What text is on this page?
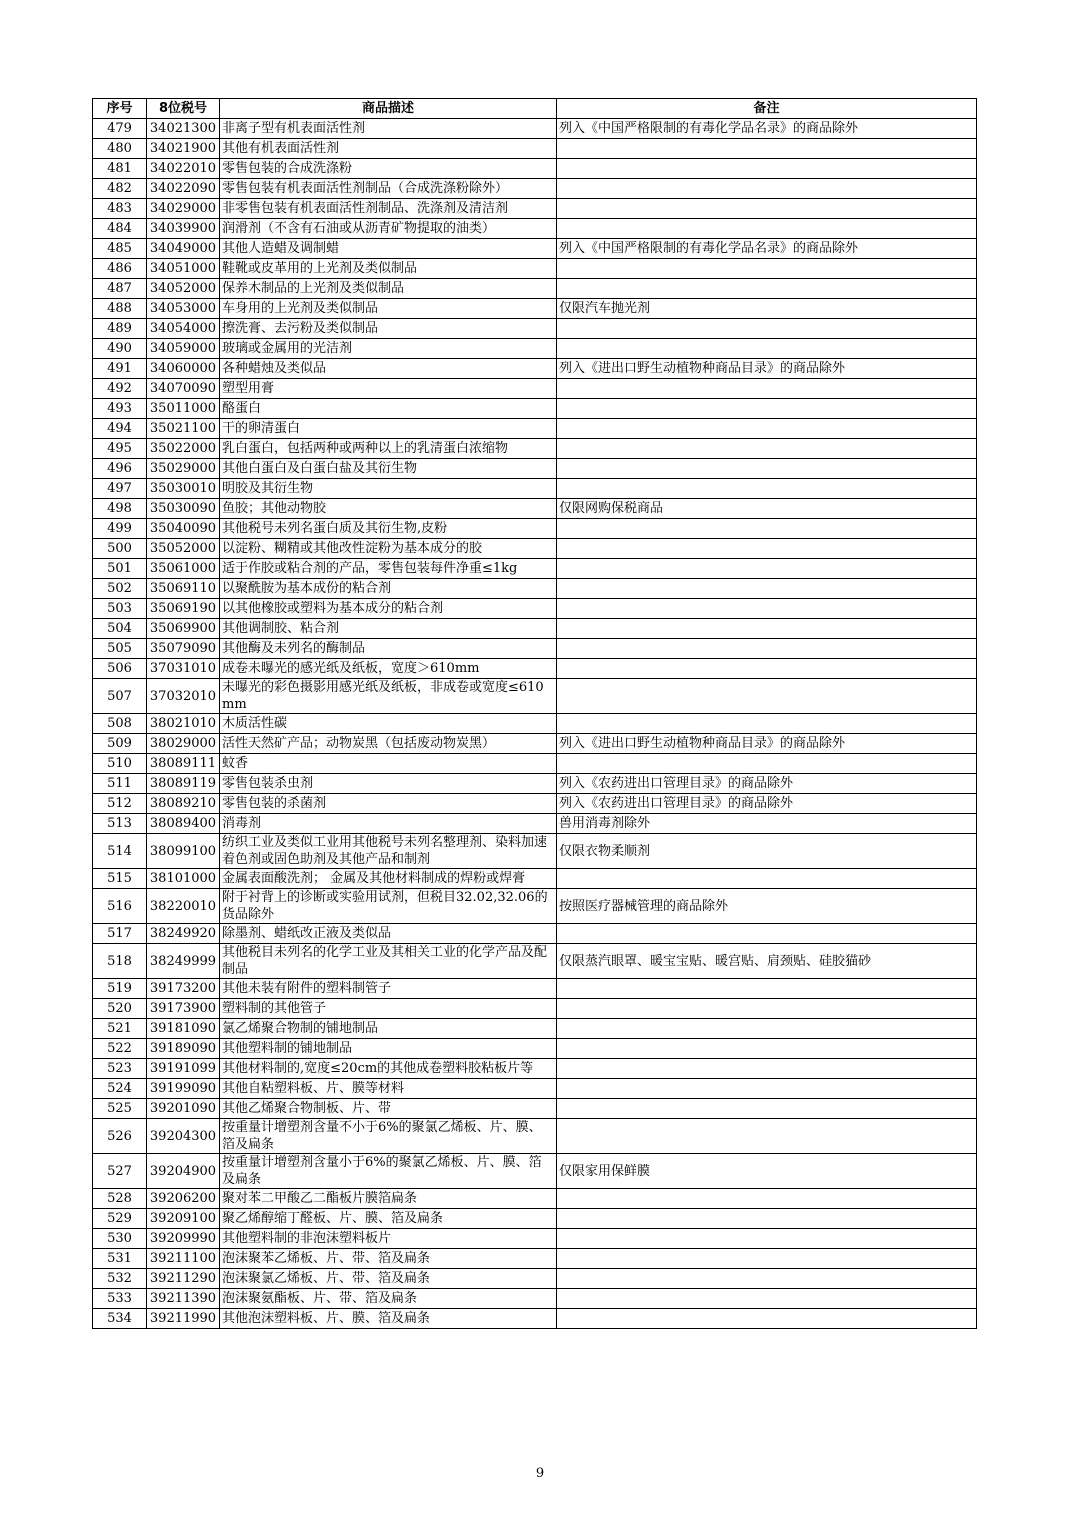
序号	8位税号	商品描述	备注
479	34021300	非离子型有机表面活性剂	列入《中国严格限制的有毒化学品名录》的商品除外
480	34021900	其他有机表面活性剂	
481	34022010	零售包装的合成洗涤粉	
482	34022090	零售包装有机表面活性剂制品（合成洗涤粉除外）	
483	34029000	非零售包装有机表面活性剂制品、洗涤剂及清洁剂	
484	34039900	润滑剂（不含有石油或从沥青矿物提取的油类）	
485	34049000	其他人造蜡及调制蜡	列入《中国严格限制的有毒化学品名录》的商品除外
486	34051000	鞋靴或皮革用的上光剂及类似制品	
487	34052000	保养木制品的上光剂及类似制品	
488	34053000	车身用的上光剂及类似制品	仅限汽车抛光剂
489	34054000	擦洗膏、去污粉及类似制品	
490	34059000	玻璃或金属用的光洁剂	
491	34060000	各种蜡烛及类似品	列入《进出口野生动植物种商品目录》的商品除外
492	34070090	塑型用膏	
493	35011000	酪蛋白	
494	35021100	干的卵清蛋白	
495	35022000	乳白蛋白，包括两种或两种以上的乳清蛋白浓缩物	
496	35029000	其他白蛋白及白蛋白盐及其衍生物	
497	35030010	明胶及其衍生物	
498	35030090	鱼胶；其他动物胶	仅限网购保税商品
499	35040090	其他税号未列名蛋白质及其衍生物,皮粉	
500	35052000	以淀粉、糊精或其他改性淀粉为基本成分的胶	
501	35061000	适于作胶或粘合剂的产品，零售包装每件净重≤1kg	
502	35069110	以聚酰胺为基本成份的粘合剂	
503	35069190	以其他橡胶或塑料为基本成分的粘合剂	
504	35069900	其他调制胶、粘合剂	
505	35079090	其他酶及未列名的酶制品	
506	37031010	成卷未曝光的感光纸及纸板，宽度＞610mm	
507	37032010	未曝光的彩色摄影用感光纸及纸板，非成卷或宽度≤610mm	
508	38021010	木质活性碳	
509	38029000	活性天然矿产品；动物炭黑（包括废动物炭黑）	列入《进出口野生动植物种商品目录》的商品除外
510	38089111	蚊香	
511	38089119	零售包装杀虫剂	列入《农药进出口管理目录》的商品除外
512	38089210	零售包装的杀菌剂	列入《农药进出口管理目录》的商品除外
513	38089400	消毒剂	兽用消毒剂除外
514	38099100	纺织工业及类似工业用其他税号未列名整理剂、染料加速着色剂或固色助剂及其他产品和制剂	仅限衣物柔顺剂
515	38101000	金属表面酸洗剂； 金属及其他材料制成的焊粉或焊膏	
516	38220010	附于衬背上的诊断或实验用试剂，但税目32.02,32.06的货品除外	按照医疗器械管理的商品除外
517	38249920	除墨剂、蜡纸改正液及类似品	
518	38249999	其他税目未列名的化学工业及其相关工业的化学产品及配制品	仅限蒸汽眼罩、暖宝宝贴、暖宫贴、肩颈贴、硅胶猫砂
519	39173200	其他未装有附件的塑料制管子	
520	39173900	塑料制的其他管子	
521	39181090	氯乙烯聚合物制的铺地制品	
522	39189090	其他塑料制的铺地制品	
523	39191099	其他材料制的,宽度≤20cm的其他成卷塑料胶粘板片等	
524	39199090	其他自粘塑料板、片、膜等材料	
525	39201090	其他乙烯聚合物制板、片、带	
526	39204300	按重量计增塑剂含量不小于6%的聚氯乙烯板、片、膜、箔及扁条	
527	39204900	按重量计增塑剂含量小于6%的聚氯乙烯板、片、膜、箔及扁条	仅限家用保鲜膜
528	39206200	聚对苯二甲酸乙二酯板片膜箔扁条	
529	39209100	聚乙烯醇缩丁醛板、片、膜、箔及扁条	
530	39209990	其他塑料制的非泡沫塑料板片	
531	39211100	泡沫聚苯乙烯板、片、带、箔及扁条	
532	39211290	泡沫聚氯乙烯板、片、带、箔及扁条	
533	39211390	泡沫聚氨酯板、片、带、箔及扁条	
534	39211990	其他泡沫塑料板、片、膜、箔及扁条	
9
